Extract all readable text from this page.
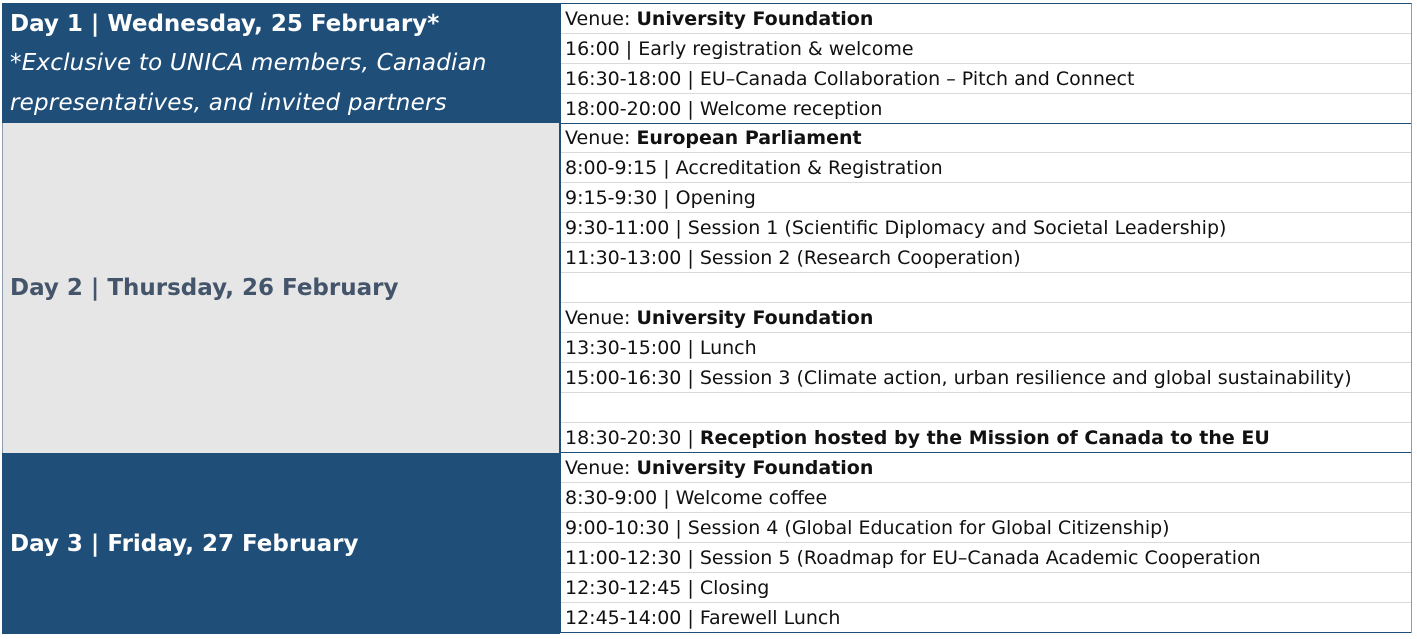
Day 1 | Wednesday, 25 February*
*Exclusive to UNICA members, Canadian
representatives, and invited partners
Venue: University Foundation
16:00 | Early registration & welcome
16:30-18:00 | EU–Canada Collaboration – Pitch and Connect
18:00-20:00 | Welcome reception
Day 2 | Thursday, 26 February
Venue: European Parliament
8:00-9:15 | Accreditation & Registration
9:15-9:30 | Opening
9:30-11:00 | Session 1 (Scientific Diplomacy and Societal Leadership)
11:30-13:00 | Session 2 (Research Cooperation)
Venue: University Foundation
13:30-15:00 | Lunch
15:00-16:30 | Session 3 (Climate action, urban resilience and global sustainability)
18:30-20:30 | Reception hosted by the Mission of Canada to the EU
Day 3 | Friday, 27 February
Venue: University Foundation
8:30-9:00 | Welcome coffee
9:00-10:30 | Session 4 (Global Education for Global Citizenship)
11:00-12:30 | Session 5 (Roadmap for EU–Canada Academic Cooperation
12:30-12:45 | Closing
12:45-14:00 | Farewell Lunch
